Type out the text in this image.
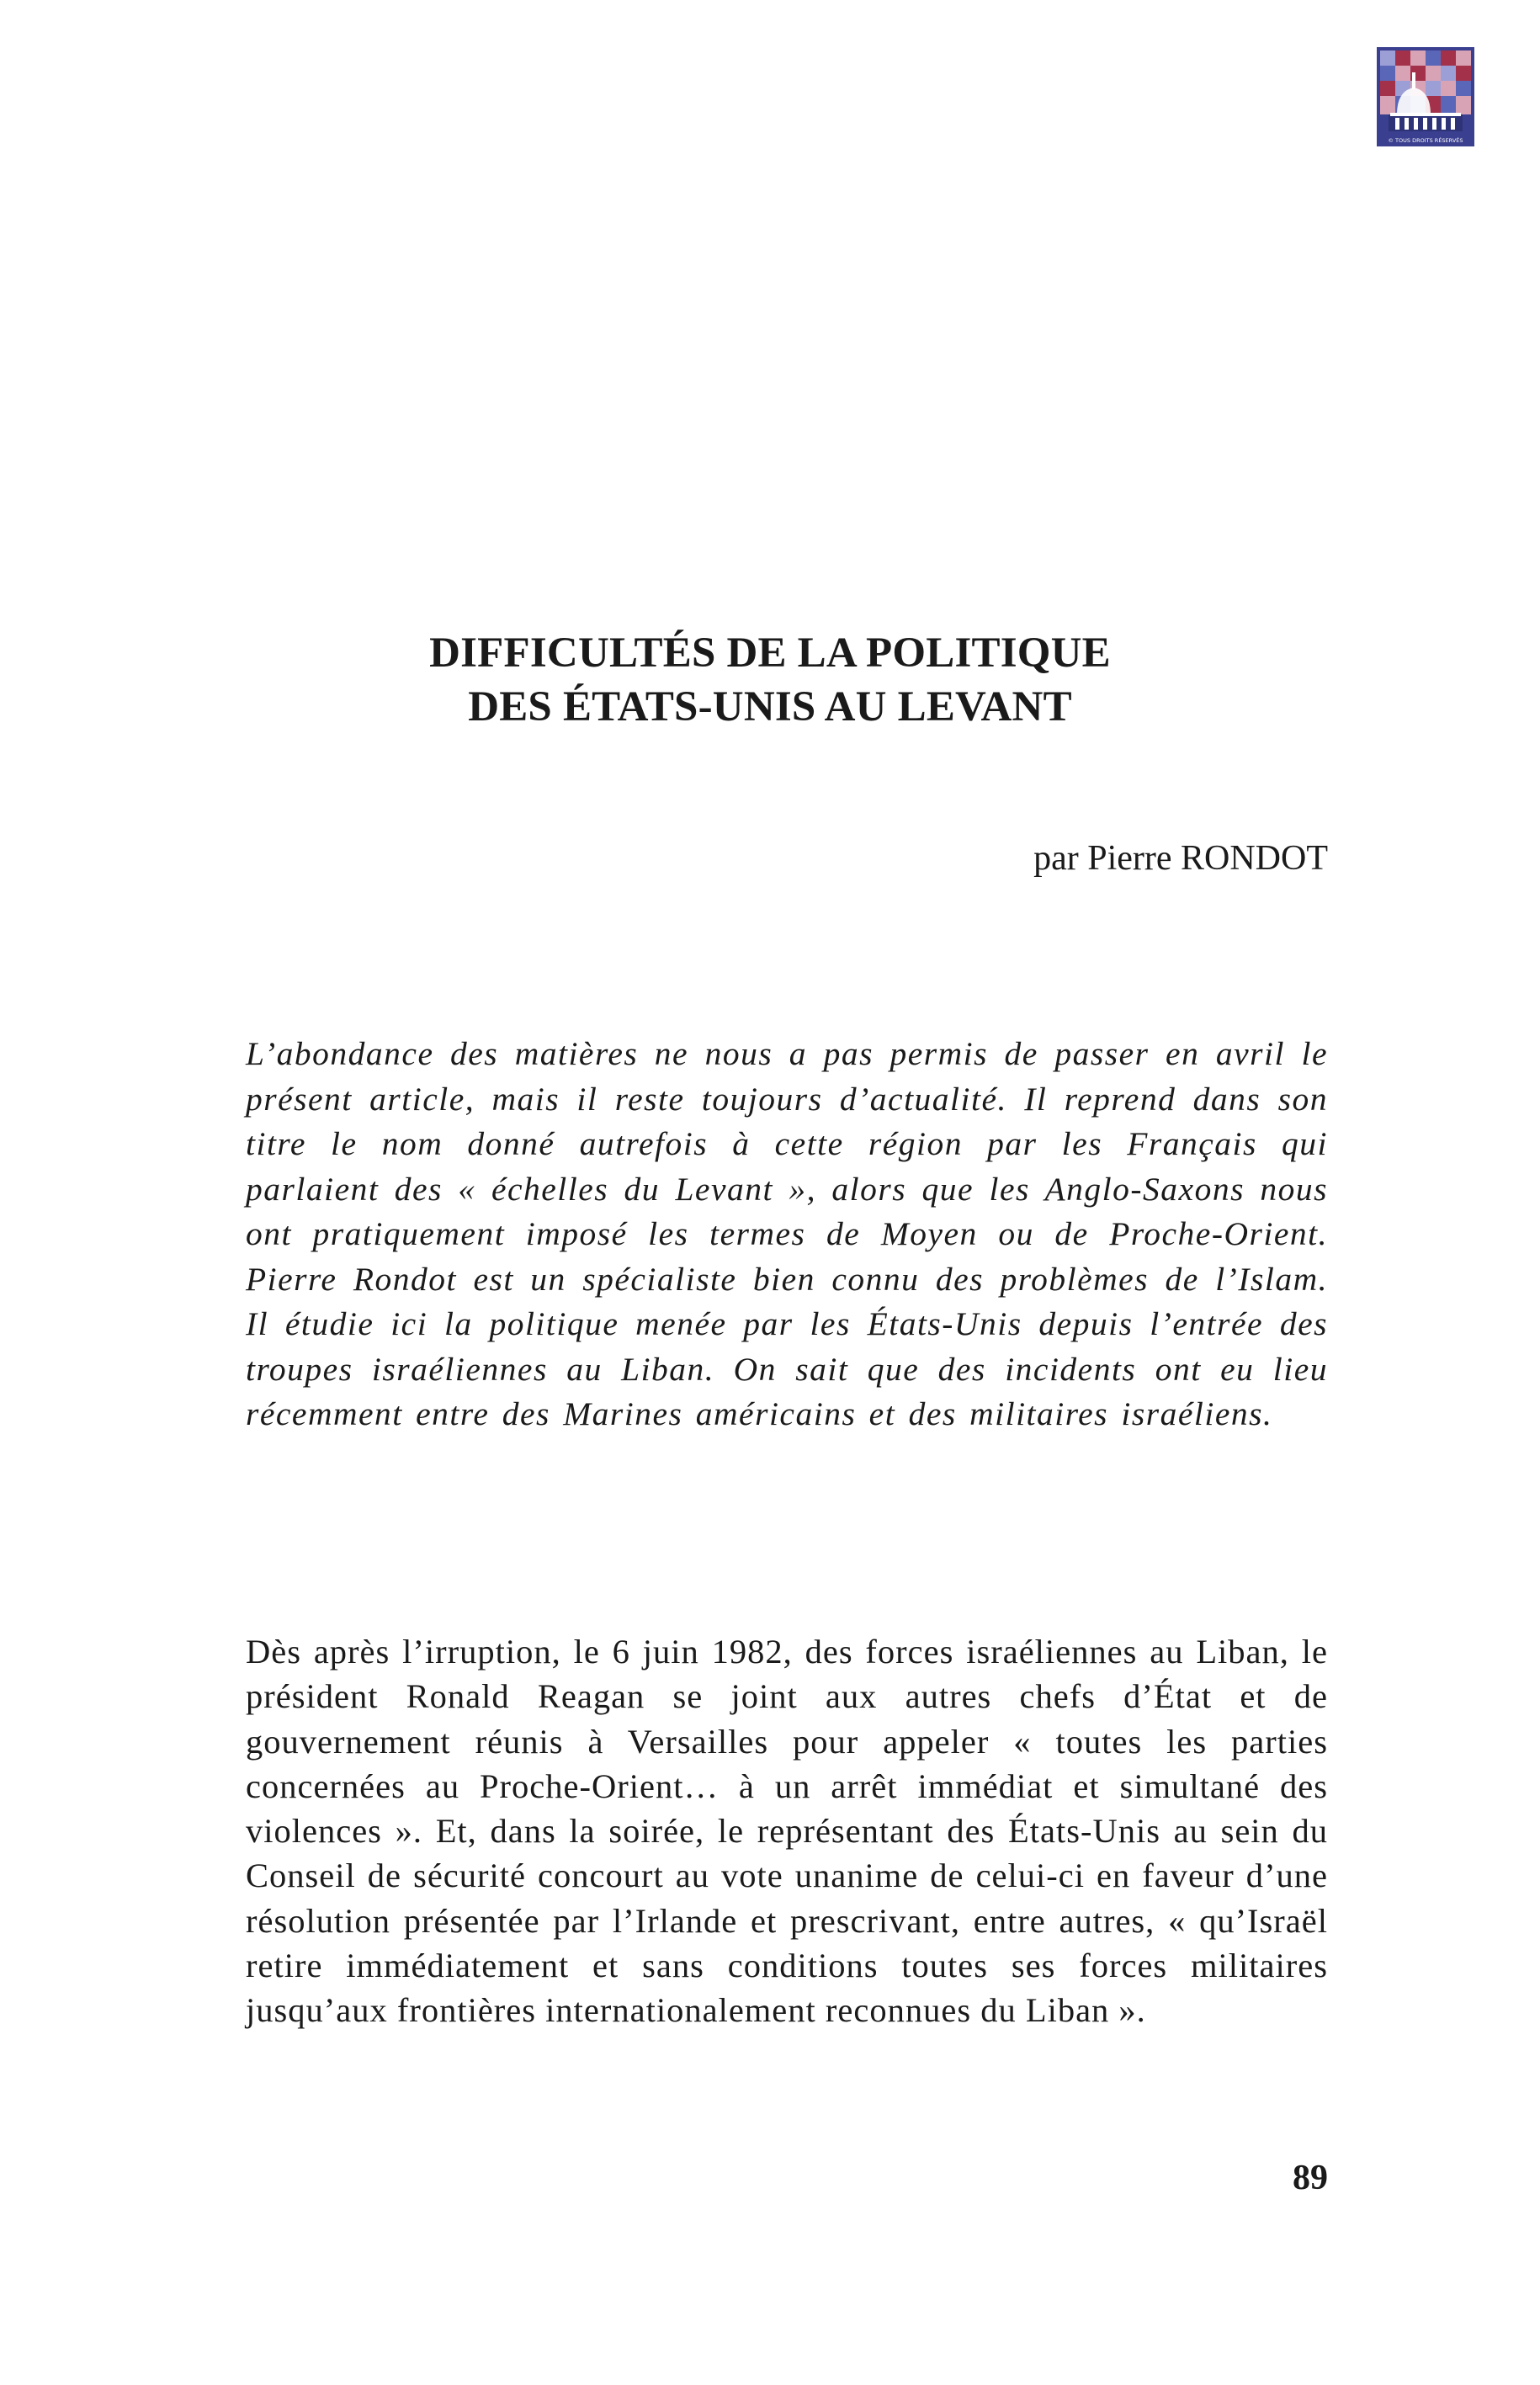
© TOUS DROITS RÉSERVÉS
DIFFICULTÉS DE LA POLITIQUE
DES ÉTATS-UNIS AU LEVANT
par Pierre RONDOT

L’abondance des matières ne nous a pas permis de passer en avril le présent article, mais il reste toujours d’actualité. Il reprend dans son titre le nom donné autrefois à cette région par les Français qui parlaient des « échelles du Levant », alors que les Anglo-Saxons nous ont pratiquement imposé les termes de Moyen ou de Proche-Orient. Pierre Rondot est un spécialiste bien connu des problèmes de l’Islam. Il étudie ici la politique menée par les États-Unis depuis l’entrée des troupes israéliennes au Liban. On sait que des incidents ont eu lieu récemment entre des Marines américains et des militaires israéliens.

Dès après l’irruption, le 6 juin 1982, des forces israéliennes au Liban, le président Ronald Reagan se joint aux autres chefs d’État et de gouvernement réunis à Versailles pour appeler « toutes les parties concernées au Proche-Orient… à un arrêt immédiat et simultané des violences ». Et, dans la soirée, le représentant des États-Unis au sein du Conseil de sécurité concourt au vote unanime de celui-ci en faveur d’une résolution présentée par l’Irlande et prescrivant, entre autres, « qu’Israël retire immédiatement et sans conditions toutes ses forces militaires jusqu’aux frontières internationalement reconnues du Liban ».

89
